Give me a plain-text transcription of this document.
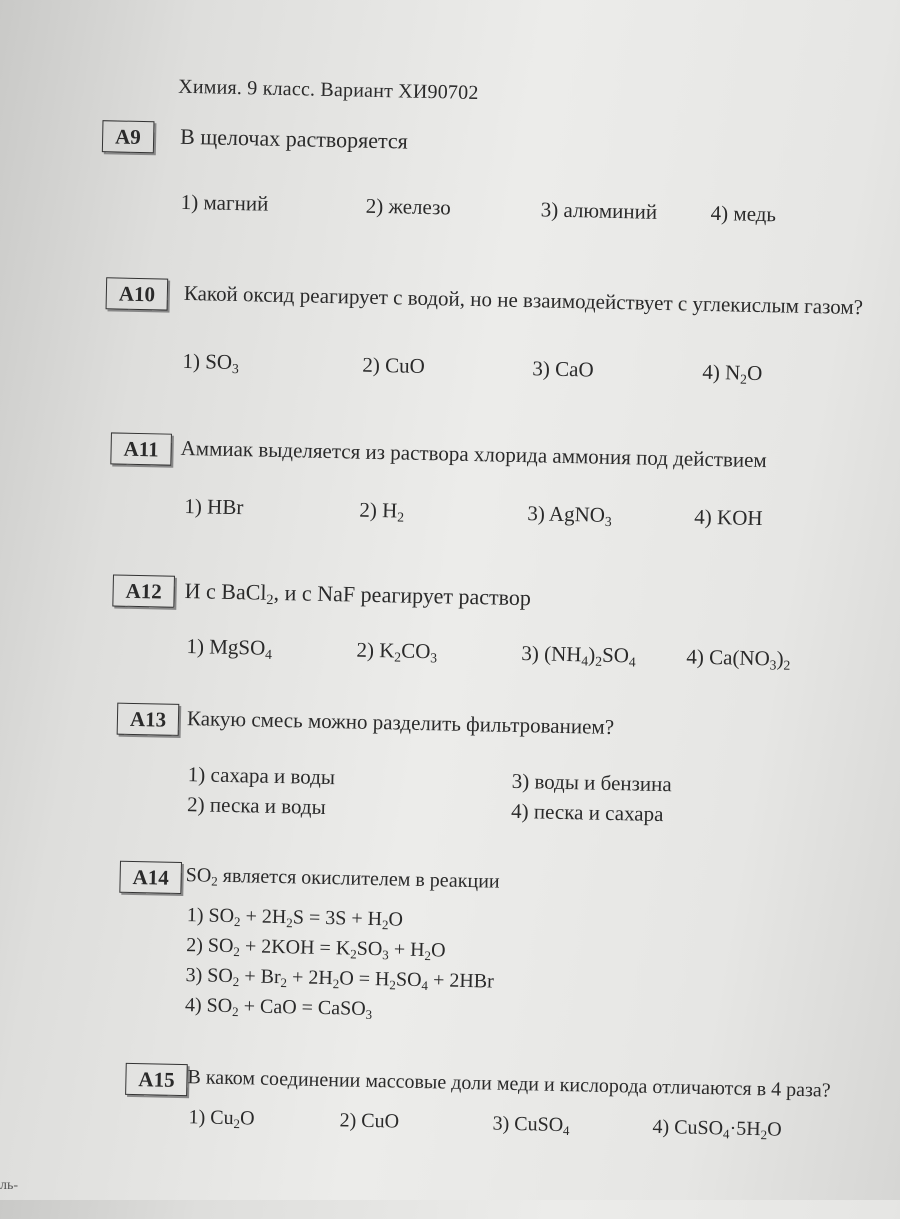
Химия. 9 класс. Вариант ХИ90702
A9	В щелочах растворяется
1) магний	2) железо	3) алюминий	4) медь
A10	Какой оксид реагирует с водой, но не взаимодействует с углекислым газом?
1) $SO_3$	2) CuO	3) CaO	4) $N_2O$
A11	Аммиак выделяется из раствора хлорида аммония под действием
1) HBr	2) $H_2$	3) AgNO$_3$	4) KOH
A12	И с BaCl$_2$, и с NaF реагирует раствор
1) MgSO$_4$	2) $K_2CO_3$	3) $(NH_4)_2SO_4$ 4) $Ca(NO_3)_2$
A13 Какую смесь можно разделить фильтрованием?
1) сахара и воды
2) песка и воды
3) воды и бензина
4) песка и сахара
A14 $SO_2$ является окислителем в реакции
1) $SO_2 + 2H_2S = 3S + H_2O$
2) $SO_2 + 2KOH = K_2SO_3 + H_2O$
3) $SO_2 + Br_2 + 2H_2O = H_2SO_4 + 2HBr$
4) $SO_2$ + CaO = CaSO$_3$
A15 В каком соединении массовые доли меди и кислорода отличаются в 4 раза?
1) $Cu_2O$	2) CuO	3) CuSO$_4$	4) $CuSO_4\cdot 5H_2O$
ль-
